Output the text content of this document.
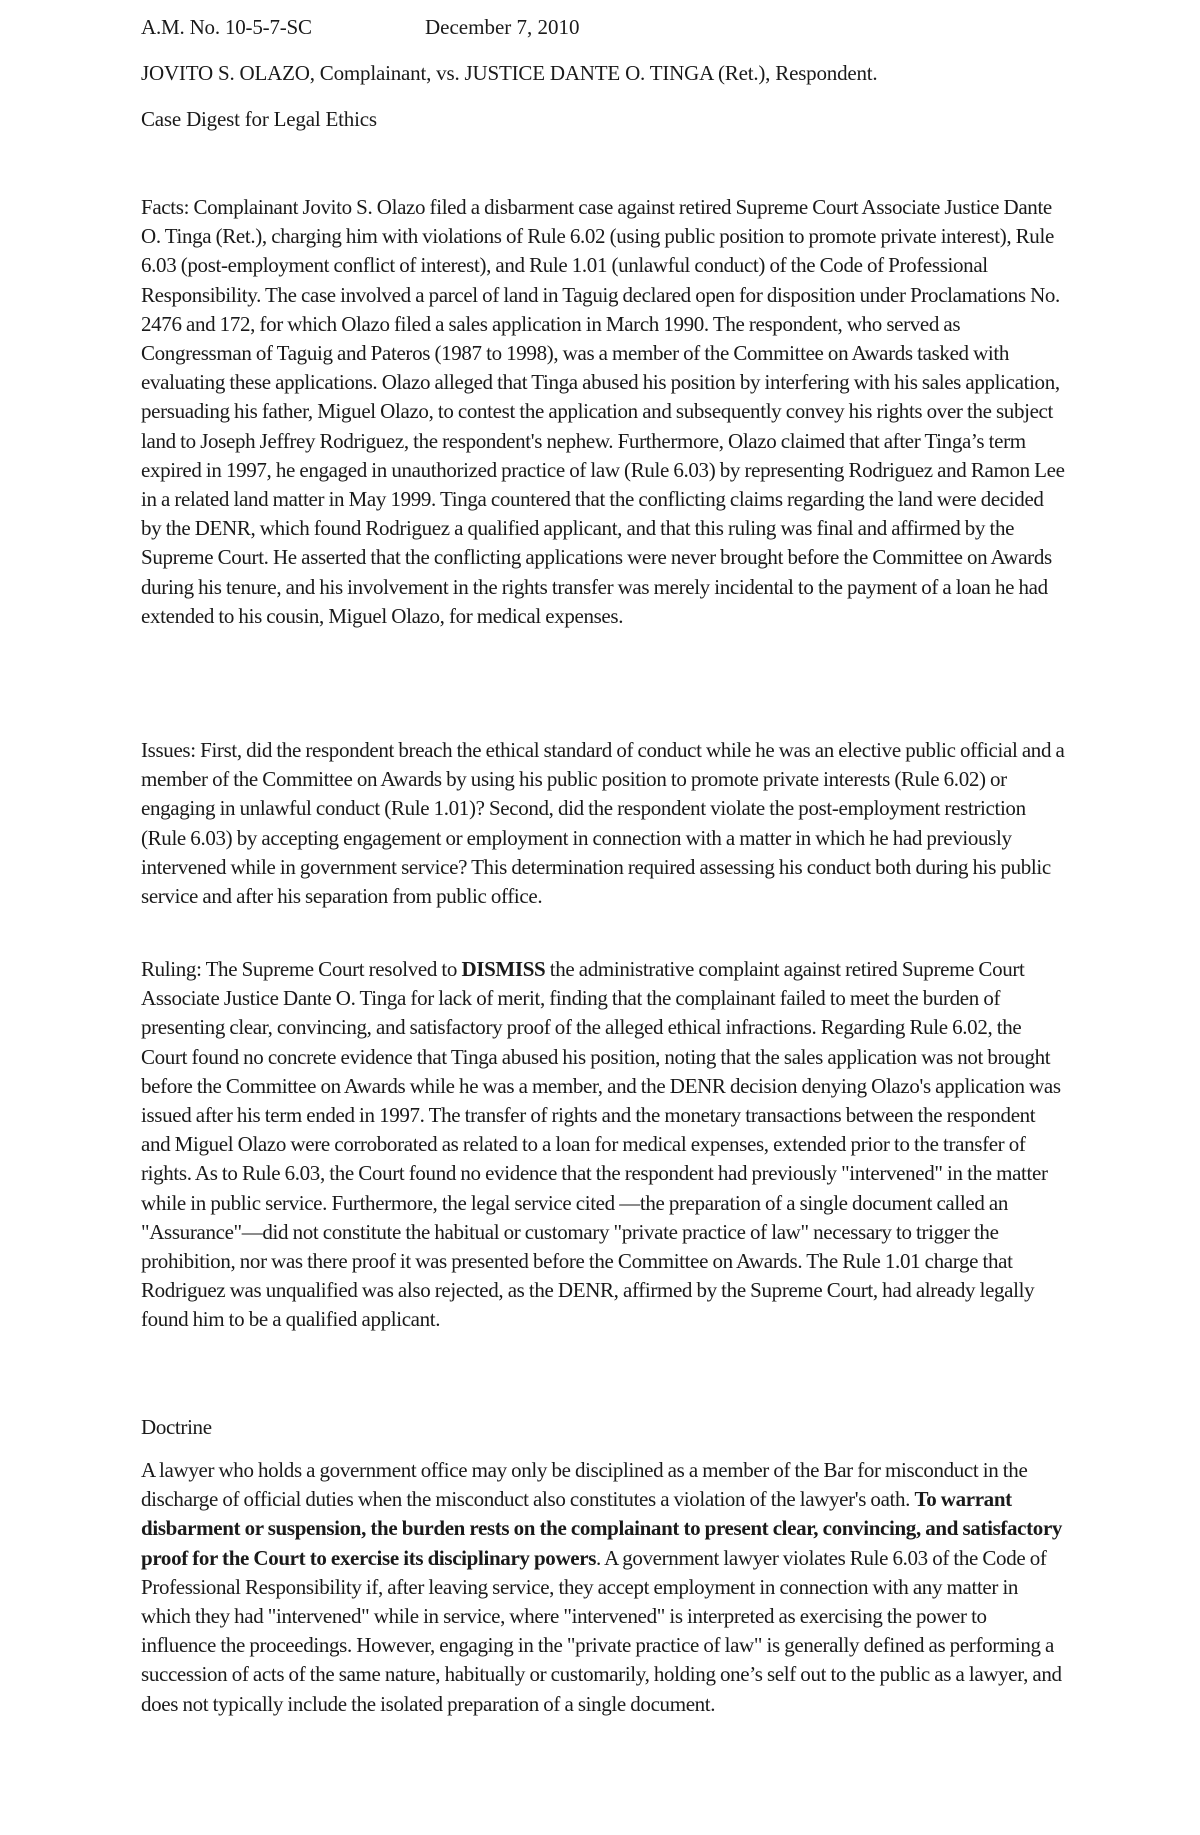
A.M. No. 10-5-7-SC	December 7, 2010
JOVITO S. OLAZO, Complainant, vs. JUSTICE DANTE O. TINGA (Ret.), Respondent.
Case Digest for Legal Ethics

Facts: Complainant Jovito S. Olazo filed a disbarment case against retired Supreme Court Associate Justice Dante O. Tinga (Ret.), charging him with violations of Rule 6.02 (using public position to promote private interest), Rule 6.03 (post-employment conflict of interest), and Rule 1.01 (unlawful conduct) of the Code of Professional Responsibility. The case involved a parcel of land in Taguig declared open for disposition under Proclamations No. 2476 and 172, for which Olazo filed a sales application in March 1990. The respondent, who served as Congressman of Taguig and Pateros (1987 to 1998), was a member of the Committee on Awards tasked with evaluating these applications. Olazo alleged that Tinga abused his position by interfering with his sales application, persuading his father, Miguel Olazo, to contest the application and subsequently convey his rights over the subject land to Joseph Jeffrey Rodriguez, the respondent's nephew. Furthermore, Olazo claimed that after Tinga’s term expired in 1997, he engaged in unauthorized practice of law (Rule 6.03) by representing Rodriguez and Ramon Lee in a related land matter in May 1999. Tinga countered that the conflicting claims regarding the land were decided by the DENR, which found Rodriguez a qualified applicant, and that this ruling was final and affirmed by the Supreme Court. He asserted that the conflicting applications were never brought before the Committee on Awards during his tenure, and his involvement in the rights transfer was merely incidental to the payment of a loan he had extended to his cousin, Miguel Olazo, for medical expenses.

Issues: First, did the respondent breach the ethical standard of conduct while he was an elective public official and a member of the Committee on Awards by using his public position to promote private interests (Rule 6.02) or engaging in unlawful conduct (Rule 1.01)? Second, did the respondent violate the post-employment restriction (Rule 6.03) by accepting engagement or employment in connection with a matter in which he had previously intervened while in government service? This determination required assessing his conduct both during his public service and after his separation from public office.

Ruling: The Supreme Court resolved to DISMISS the administrative complaint against retired Supreme Court Associate Justice Dante O. Tinga for lack of merit, finding that the complainant failed to meet the burden of presenting clear, convincing, and satisfactory proof of the alleged ethical infractions. Regarding Rule 6.02, the Court found no concrete evidence that Tinga abused his position, noting that the sales application was not brought before the Committee on Awards while he was a member, and the DENR decision denying Olazo's application was issued after his term ended in 1997. The transfer of rights and the monetary transactions between the respondent and Miguel Olazo were corroborated as related to a loan for medical expenses, extended prior to the transfer of rights. As to Rule 6.03, the Court found no evidence that the respondent had previously "intervened" in the matter while in public service. Furthermore, the legal service cited —the preparation of a single document called an "Assurance"—did not constitute the habitual or customary "private practice of law" necessary to trigger the prohibition, nor was there proof it was presented before the Committee on Awards. The Rule 1.01 charge that Rodriguez was unqualified was also rejected, as the DENR, affirmed by the Supreme Court, had already legally found him to be a qualified applicant.

Doctrine

A lawyer who holds a government office may only be disciplined as a member of the Bar for misconduct in the discharge of official duties when the misconduct also constitutes a violation of the lawyer's oath. To warrant disbarment or suspension, the burden rests on the complainant to present clear, convincing, and satisfactory proof for the Court to exercise its disciplinary powers. A government lawyer violates Rule 6.03 of the Code of Professional Responsibility if, after leaving service, they accept employment in connection with any matter in which they had "intervened" while in service, where "intervened" is interpreted as exercising the power to influence the proceedings. However, engaging in the "private practice of law" is generally defined as performing a succession of acts of the same nature, habitually or customarily, holding one’s self out to the public as a lawyer, and does not typically include the isolated preparation of a single document.
